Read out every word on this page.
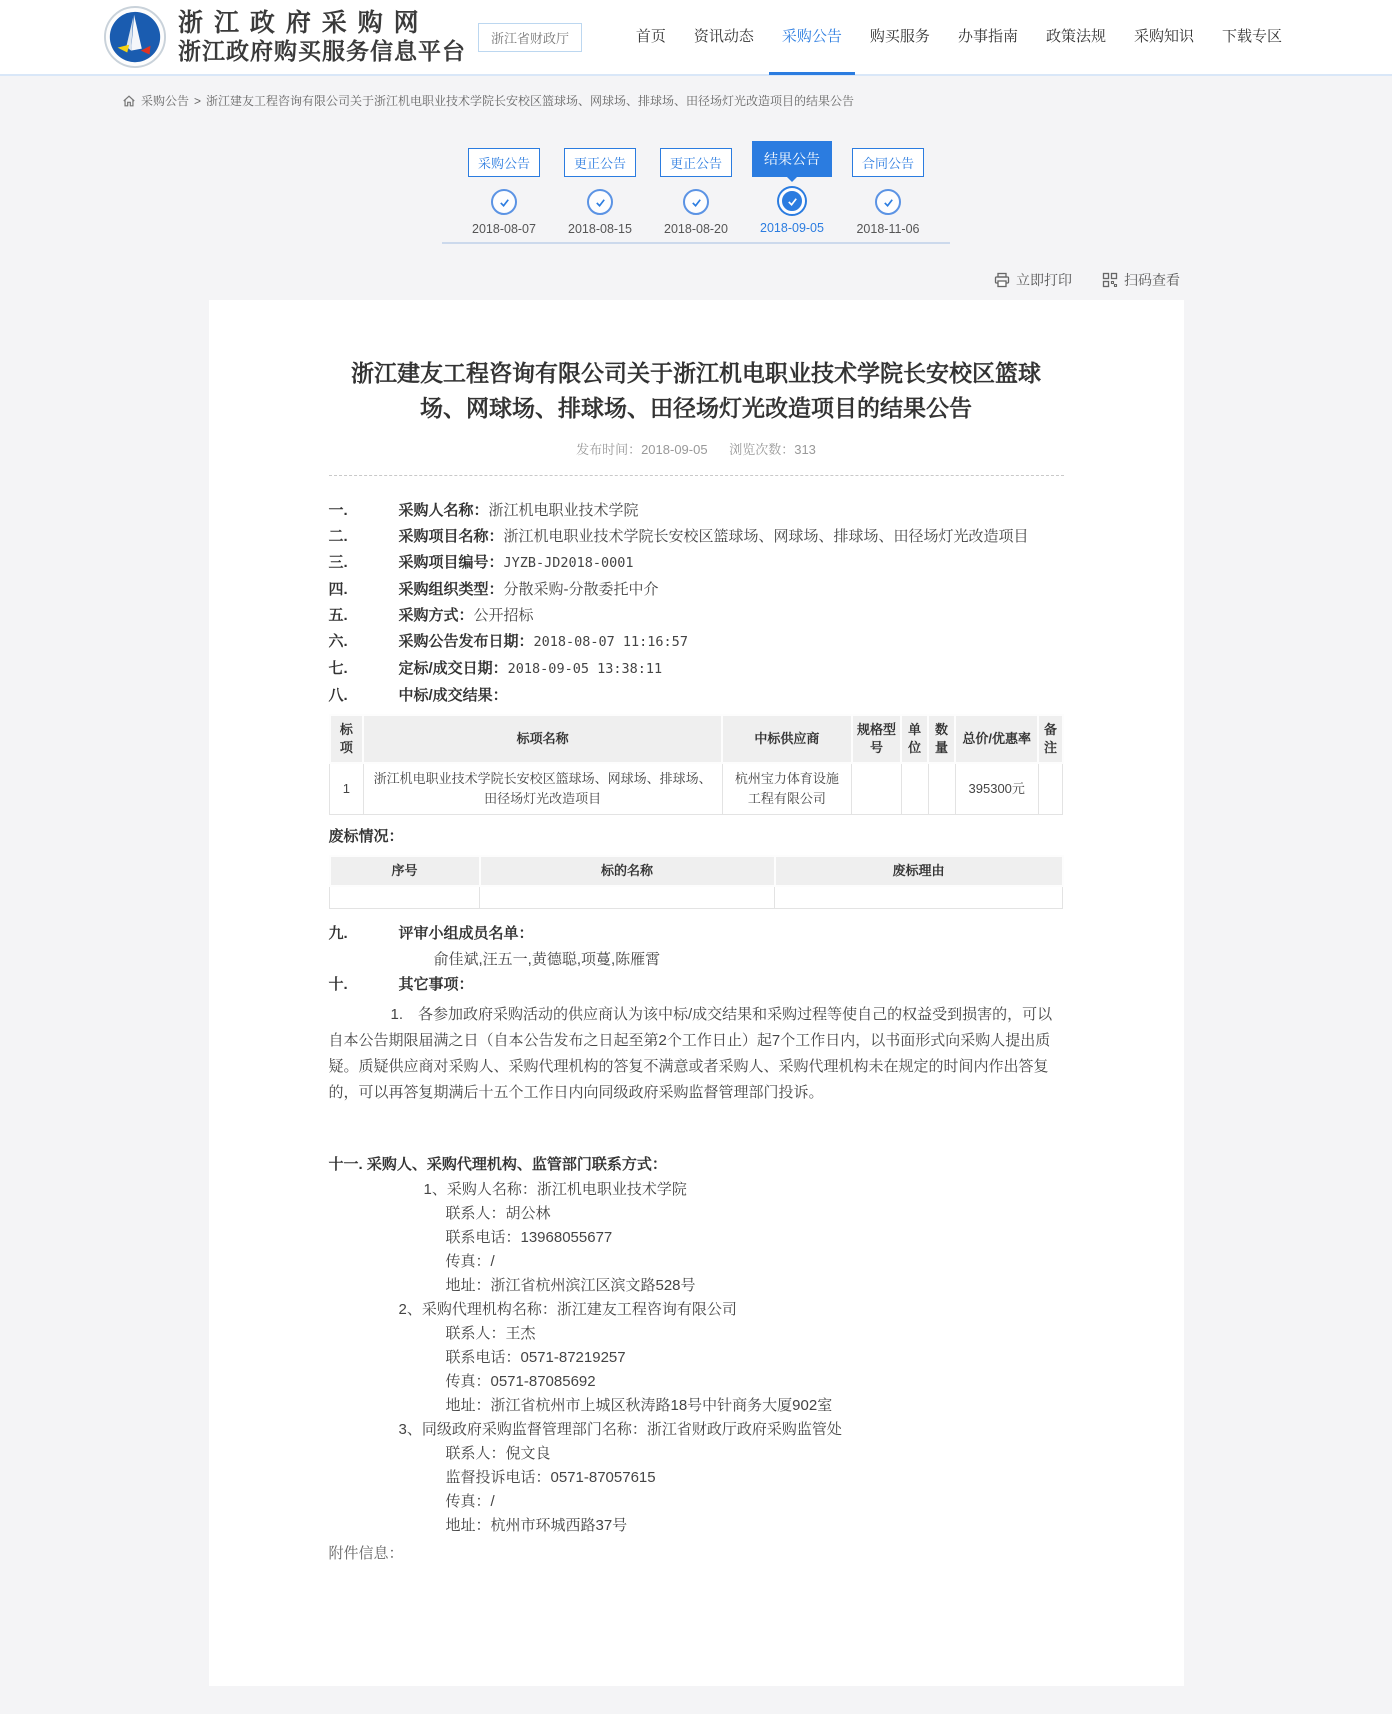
浙 江 政 府 采 购 网
浙江政府购买服务信息平台	浙江省财政厅	首页	资讯动态	采购公告	购买服务	办事指南	政策法规	采购知识	下载专区
采购公告 > 浙江建友工程咨询有限公司关于浙江机电职业技术学院长安校区篮球场、网球场、排球场、田径场灯光改造项目的结果公告
采购公告
2018-08-07
更正公告
2018-08-15
更正公告
2018-08-20
结果公告
2018-09-05
合同公告
2018-11-06
立即打印	扫码查看
浙江建友工程咨询有限公司关于浙江机电职业技术学院长安校区篮球场、网球场、排球场、田径场灯光改造项目的结果公告
发布时间：2018-09-05 浏览次数：313

一.	采购人名称：浙江机电职业技术学院

二.	采购项目名称：浙江机电职业技术学院长安校区篮球场、网球场、排球场、田径场灯光改造项目

三.	采购项目编号：JYZB-JD2018-0001

四.	采购组织类型：分散采购-分散委托中介

五.	采购方式：公开招标

六.	采购公告发布日期：2018-08-07 11:16:57

七.	定标/成交日期：2018-09-05 13:38:11

八.	中标/成交结果：

标项	标项名称	中标供应商	规格型号	单位	数量	总价/优惠率	备注
1	浙江机电职业技术学院长安校区篮球场、网球场、排球场、田径场灯光改造项目	杭州宝力体育设施工程有限公司				395300元	

废标情况：

序号	标的名称	废标理由

九.	评审小组成员名单：

俞佳斌,汪五一,黄德聪,项蔓,陈雁霄

十.	其它事项：

1.　各参加政府采购活动的供应商认为该中标/成交结果和采购过程等使自己的权益受到损害的，可以自本公告期限届满之日（自本公告发布之日起至第2个工作日止）起7个工作日内，以书面形式向采购人提出质疑。质疑供应商对采购人、采购代理机构的答复不满意或者采购人、采购代理机构未在规定的时间内作出答复的，可以再答复期满后十五个工作日内向同级政府采购监督管理部门投诉。

十一. 采购人、采购代理机构、监管部门联系方式：

1、采购人名称：浙江机电职业技术学院

联系人：胡公林

联系电话：13968055677

传真：/

地址：浙江省杭州滨江区滨文路528号

2、采购代理机构名称：浙江建友工程咨询有限公司

联系人：王杰

联系电话：0571-87219257

传真：0571-87085692

地址：浙江省杭州市上城区秋涛路18号中针商务大厦902室

3、同级政府采购监督管理部门名称：浙江省财政厅政府采购监管处

联系人：倪文良

监督投诉电话：0571-87057615

传真：/

地址：杭州市环城西路37号

附件信息：
